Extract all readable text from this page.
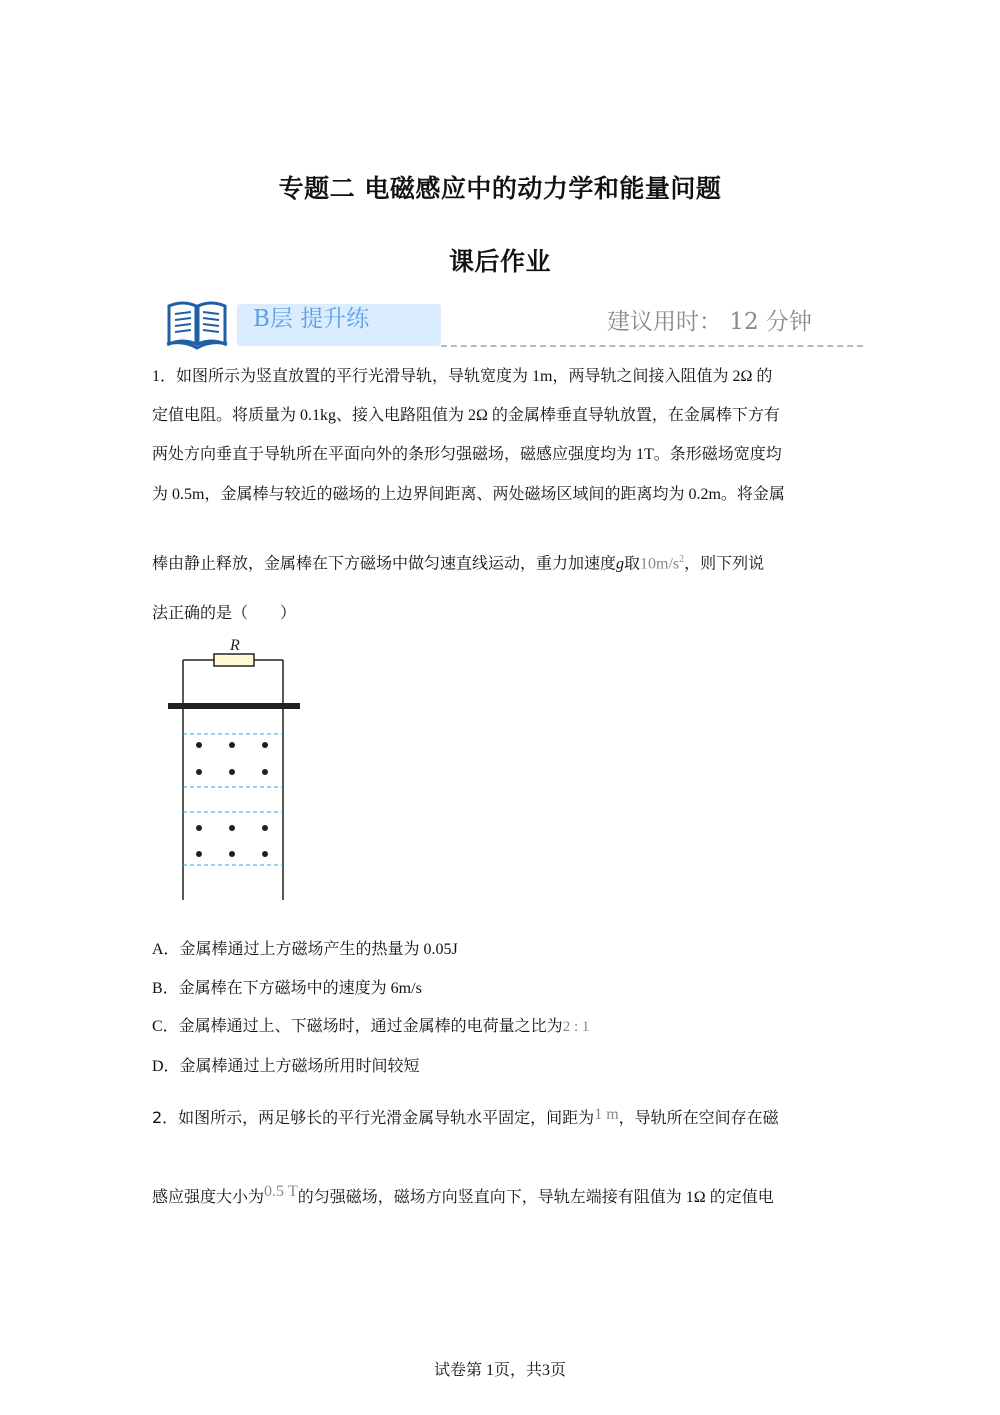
专题二 电磁感应中的动力学和能量问题
课后作业
B层 提升练	建议用时： 12 分钟
1．如图所示为竖直放置的平行光滑导轨，导轨宽度为 1m，两导轨之间接入阻值为 2Ω 的
定值电阻。将质量为 0.1kg、接入电路阻值为 2Ω 的金属棒垂直导轨放置，在金属棒下方有
两处方向垂直于导轨所在平面向外的条形匀强磁场，磁感应强度均为 1T。条形磁场宽度均
为 0.5m，金属棒与较近的磁场的上边界间距离、两处磁场区域间的距离均为 0.2m。将金属
棒由静止释放，金属棒在下方磁场中做匀速直线运动，重力加速度g取$10m/s^2$，则下列说
法正确的是（　　）
R
A．金属棒通过上方磁场产生的热量为 0.05J
B．金属棒在下方磁场中的速度为 6m/s
C．金属棒通过上、下磁场时，通过金属棒的电荷量之比为2 : 1
D．金属棒通过上方磁场所用时间较短
2．如图所示，两足够长的平行光滑金属导轨水平固定，间距为1 m，导轨所在空间存在磁
感应强度大小为0.5 T的匀强磁场，磁场方向竖直向下，导轨左端接有阻值为 1Ω 的定值电
试卷第 1页，共3页
